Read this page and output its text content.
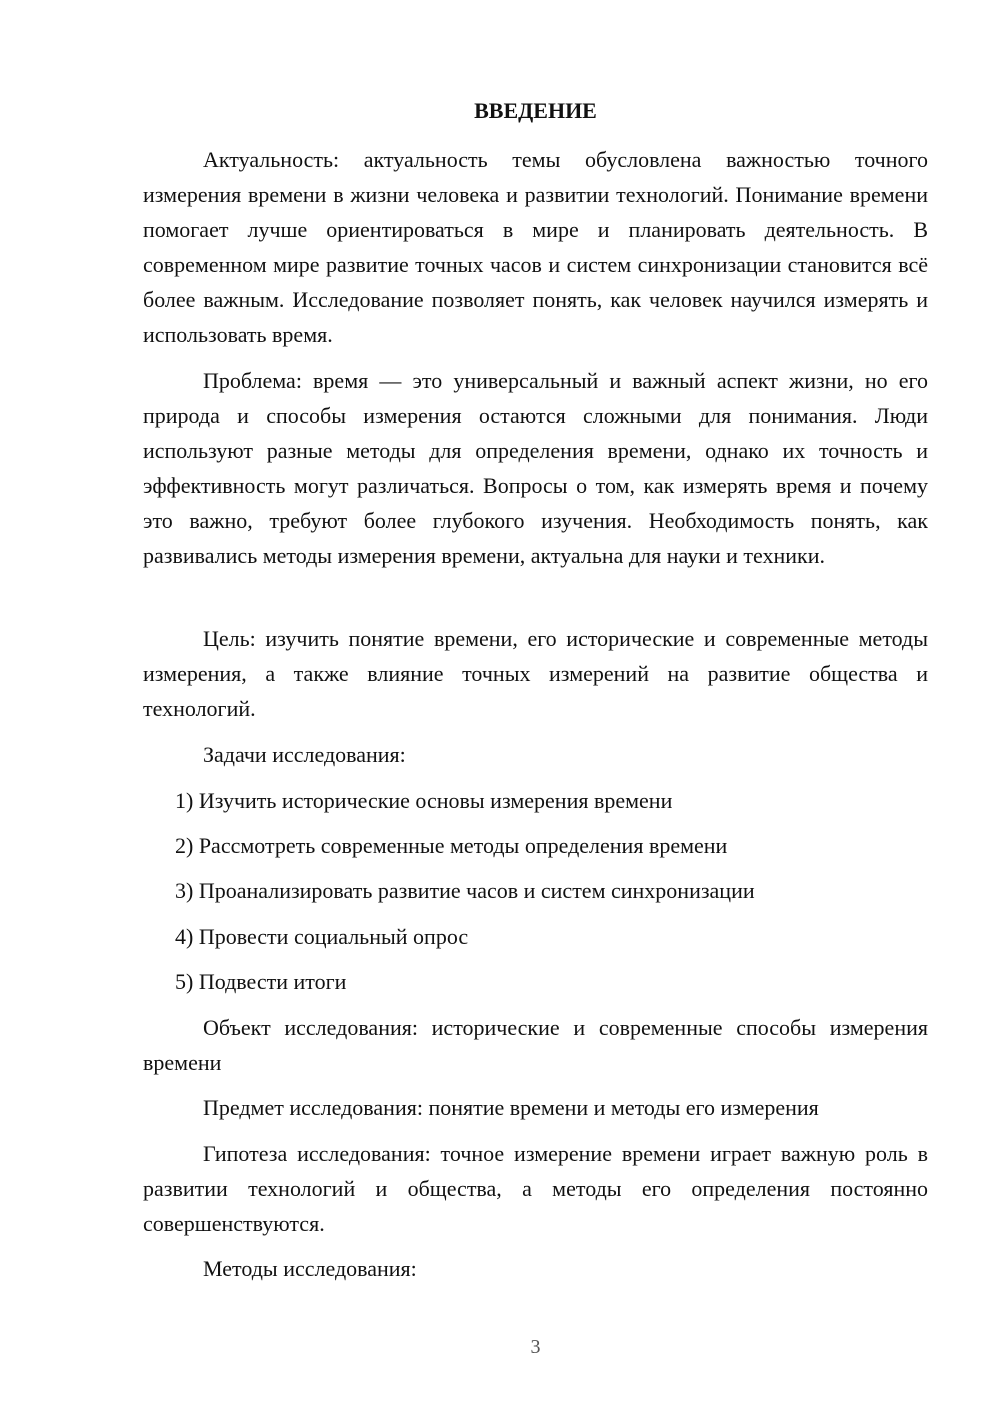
ВВЕДЕНИЕ

Актуальность: актуальность темы обусловлена важностью точного измерения времени в жизни человека и развитии технологий. Понимание времени помогает лучше ориентироваться в мире и планировать деятельность. В современном мире развитие точных часов и систем синхронизации становится всё более важным. Исследование позволяет понять, как человек научился измерять и использовать время.

Проблема: время — это универсальный и важный аспект жизни, но его природа и способы измерения остаются сложными для понимания. Люди используют разные методы для определения времени, однако их точность и эффективность могут различаться. Вопросы о том, как измерять время и почему это важно, требуют более глубокого изучения. Необходимость понять, как развивались методы измерения времени, актуальна для науки и техники.

Цель: изучить понятие времени, его исторические и современные методы измерения, а также влияние точных измерений на развитие общества и технологий.

Задачи исследования:

1) Изучить исторические основы измерения времени

2) Рассмотреть современные методы определения времени

3) Проанализировать развитие часов и систем синхронизации

4) Провести социальный опрос

5) Подвести итоги

Объект исследования: исторические и современные способы измерения времени

Предмет исследования: понятие времени и методы его измерения

Гипотеза исследования: точное измерение времени играет важную роль в развитии технологий и общества, а методы его определения постоянно совершенствуются.

Методы исследования:

3
